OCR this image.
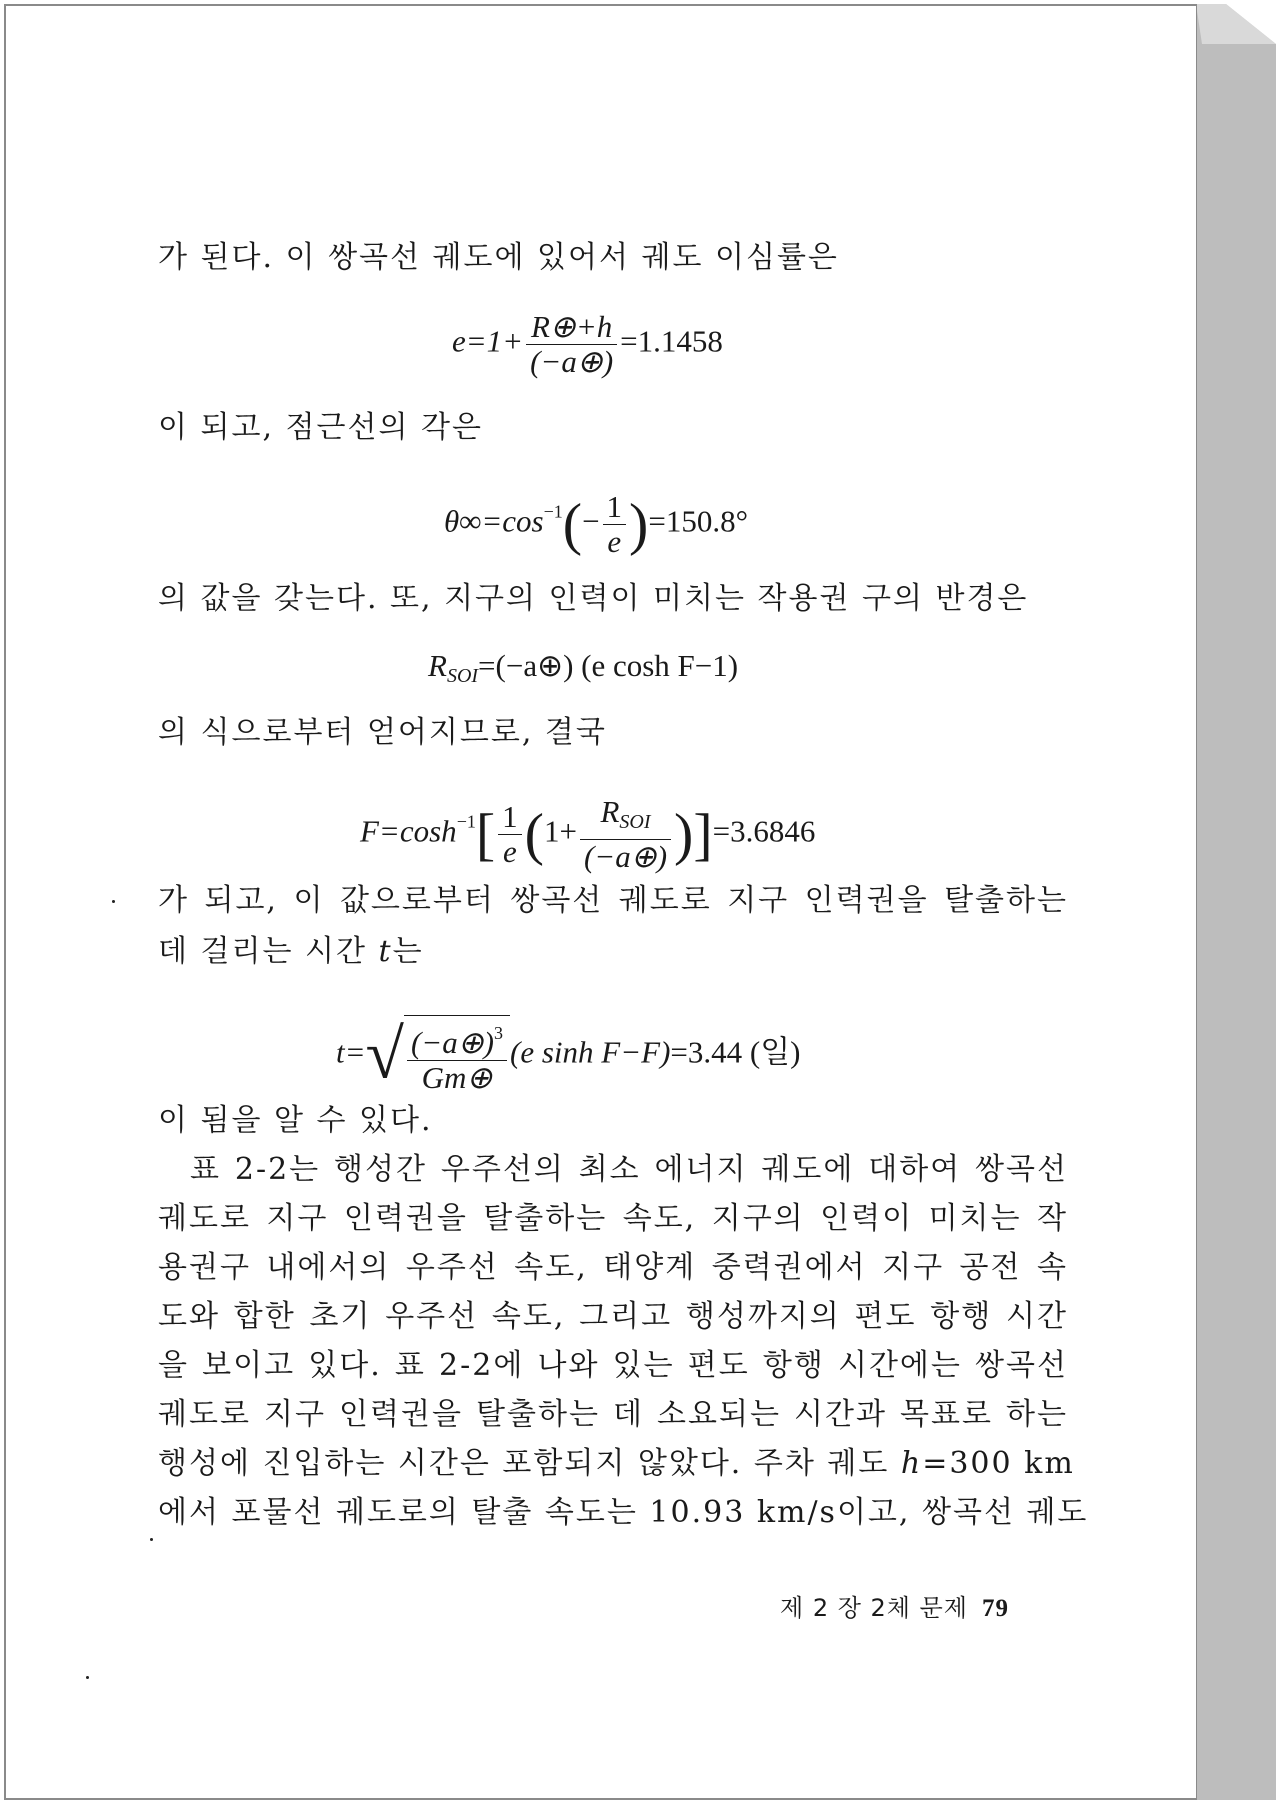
가 된다. 이 쌍곡선 궤도에 있어서 궤도 이심률은
$e=1+ \frac{R\oplus+h}{(-a\oplus)} =1.1458$
이 되고, 점근선의 각은
$\theta\infty=\cos^{-1}(- \frac{1}{e} )=150.8^\circ$
의 값을 갖는다. 또, 지구의 인력이 미치는 작용권 구의 반경은
$R_{SOI}=(-a\oplus)$ (e cosh F−1)
의 식으로부터 얻어지므로, 결국
$F=\cosh^{-1}[ \frac{1}{e} (1+ \frac{R_{SOI}}{(-a\oplus)} )]=3.6846$
가 되고, 이 값으로부터 쌍곡선 궤도로 지구 인력권을 탈출하는
데 걸리는 시간 t는
$t=√ \frac{(-a\oplus)^3}{Gm\oplus} (e$ sinh F−F)=3.44 (일)
이 됨을 알 수 있다.
표 2-2는 행성간 우주선의 최소 에너지 궤도에 대하여 쌍곡선
궤도로 지구 인력권을 탈출하는 속도, 지구의 인력이 미치는 작
용권구 내에서의 우주선 속도, 태양계 중력권에서 지구 공전 속
도와 합한 초기 우주선 속도, 그리고 행성까지의 편도 항행 시간
을 보이고 있다. 표 2-2에 나와 있는 편도 항행 시간에는 쌍곡선
궤도로 지구 인력권을 탈출하는 데 소요되는 시간과 목표로 하는
행성에 진입하는 시간은 포함되지 않았다. 주차 궤도 h=300 km
에서 포물선 궤도로의 탈출 속도는 10.93 km/s이고, 쌍곡선 궤도
제 2 장 2체 문제 79
